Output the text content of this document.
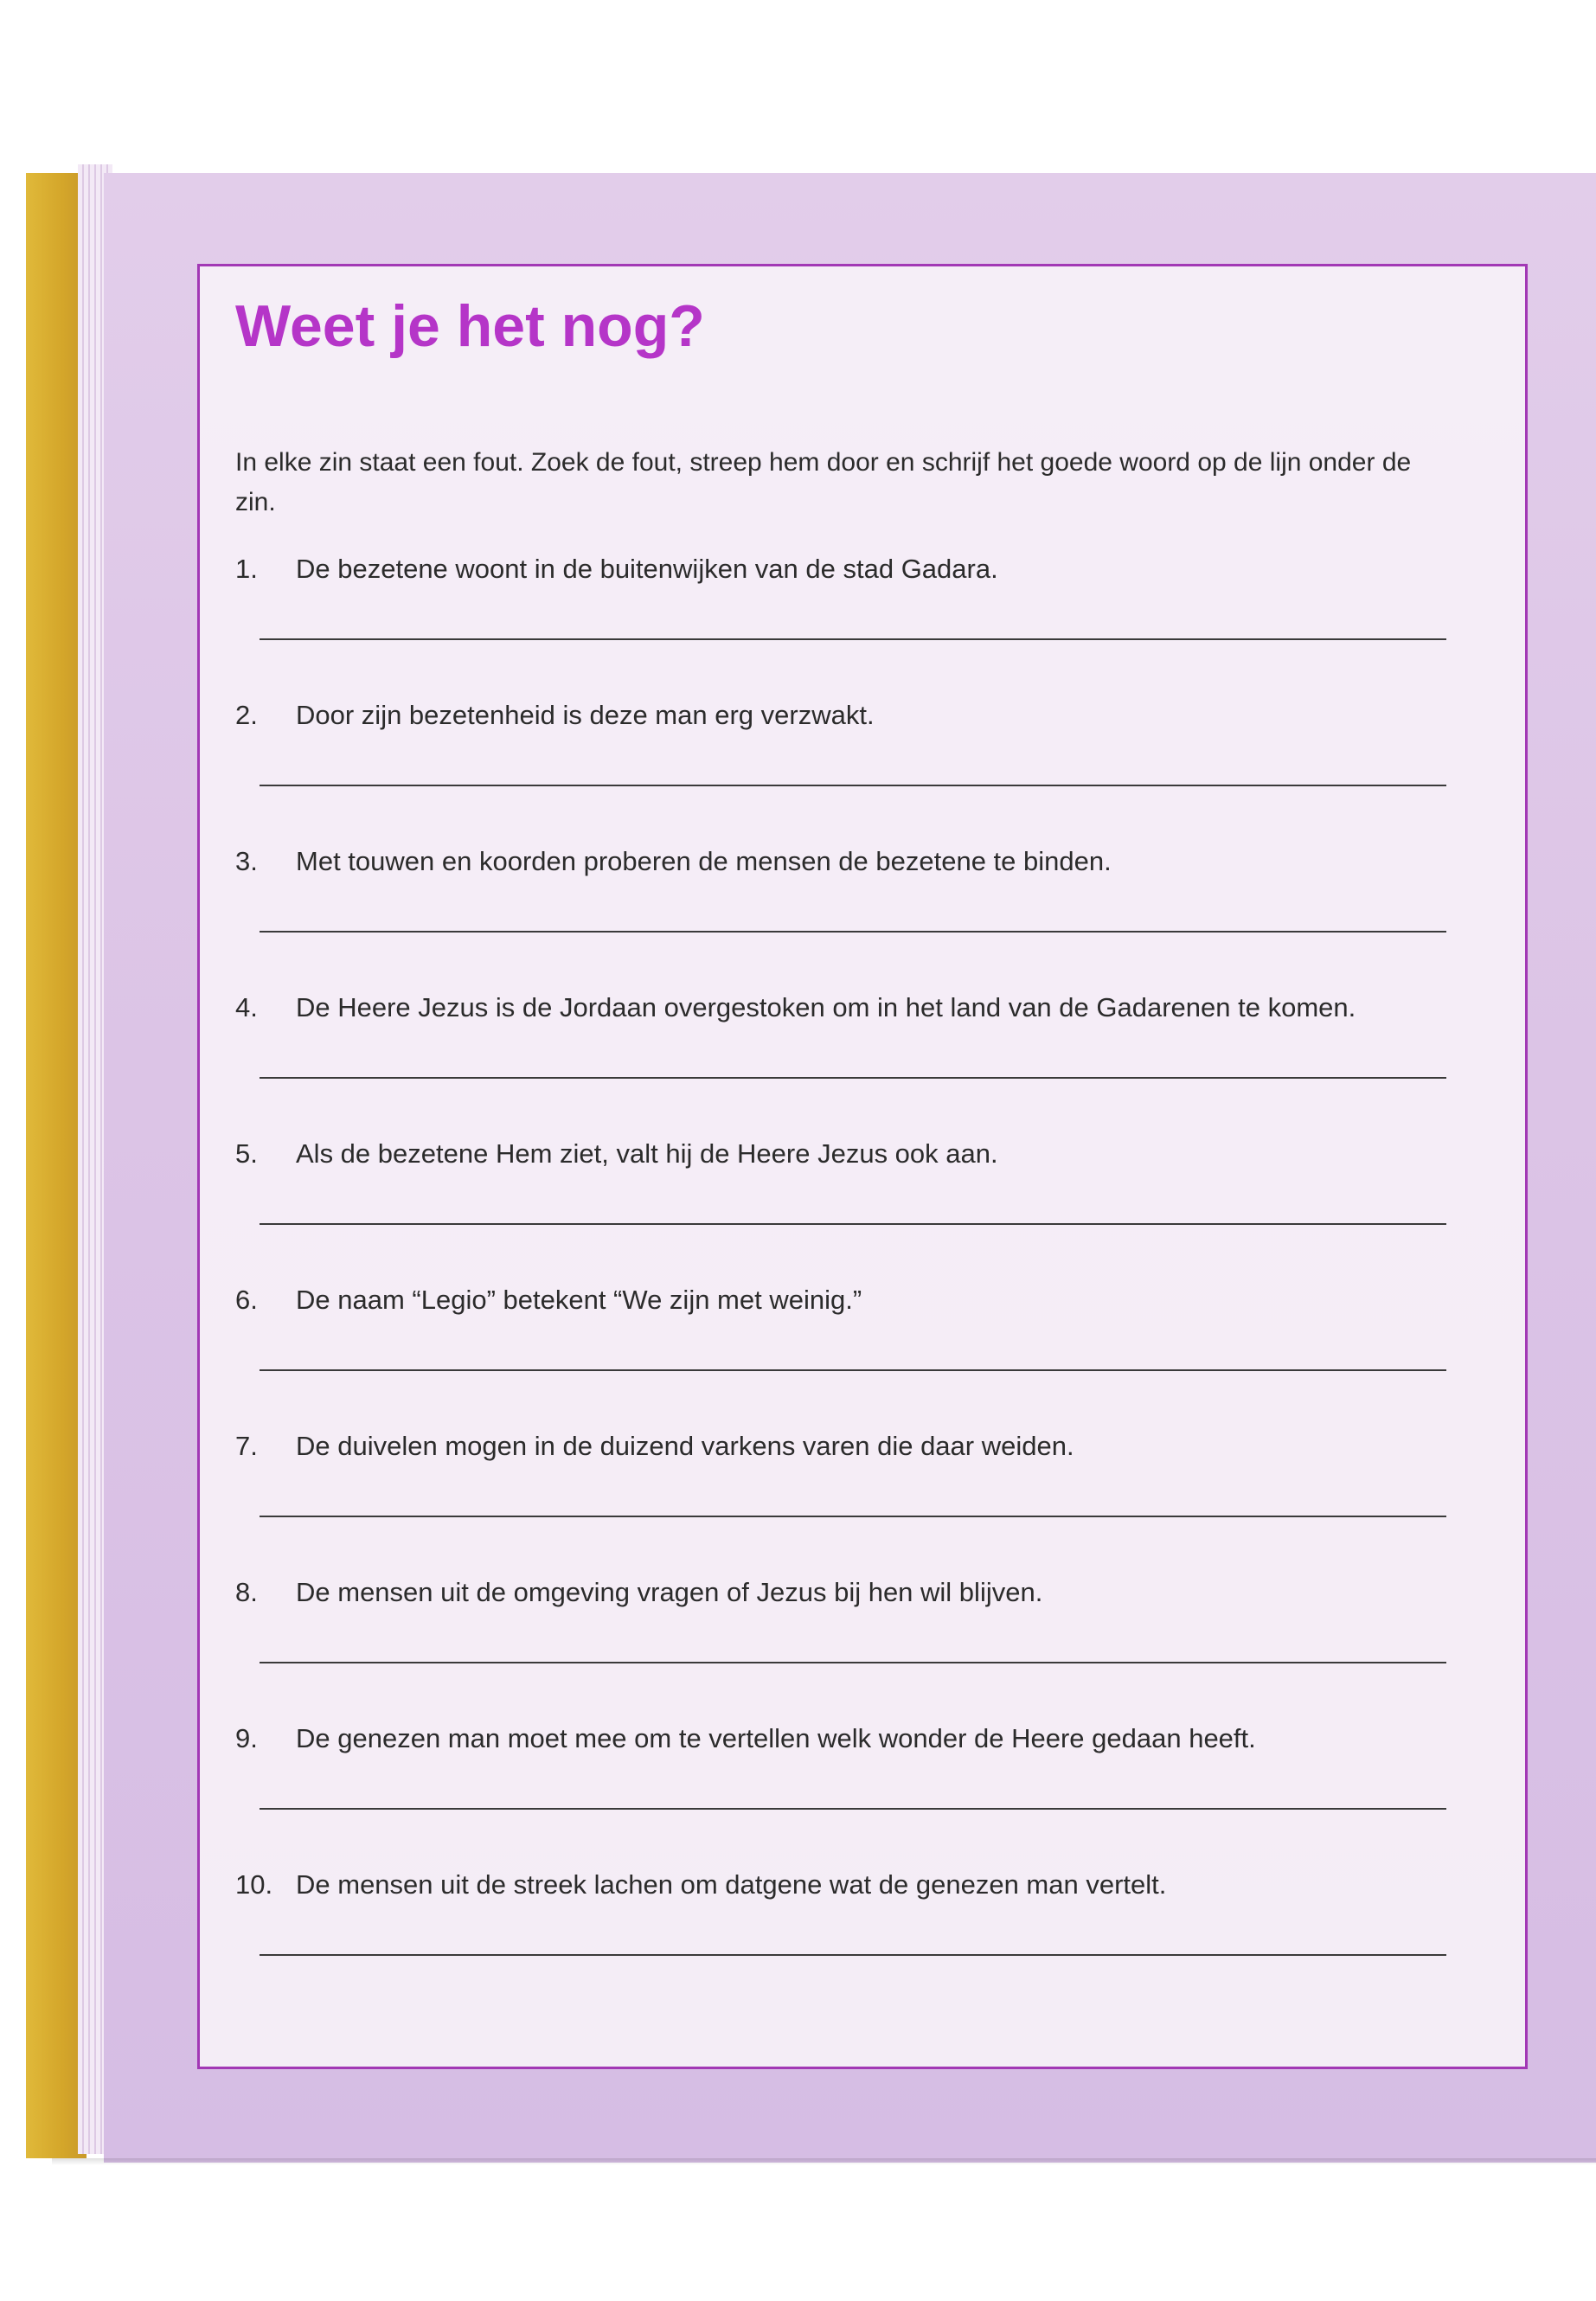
Weet je het nog?

In elke zin staat een fout. Zoek de fout, streep hem door en schrijf het goede woord op de lijn onder de zin.

1.	De bezetene woont in de buitenwijken van de stad Gadara.
2.	Door zijn bezetenheid is deze man erg verzwakt.
3.	Met touwen en koorden proberen de mensen de bezetene te binden.
4.	De Heere Jezus is de Jordaan overgestoken om in het land van de Gadarenen te komen.
5.	Als de bezetene Hem ziet, valt hij de Heere Jezus ook aan.
6.	De naam “Legio” betekent “We zijn met weinig.”
7.	De duivelen mogen in de duizend varkens varen die daar weiden.
8.	De mensen uit de omgeving vragen of Jezus bij hen wil blijven.
9.	De genezen man moet mee om te vertellen welk wonder de Heere gedaan heeft.
10. De mensen uit de streek lachen om datgene wat de genezen man vertelt.
